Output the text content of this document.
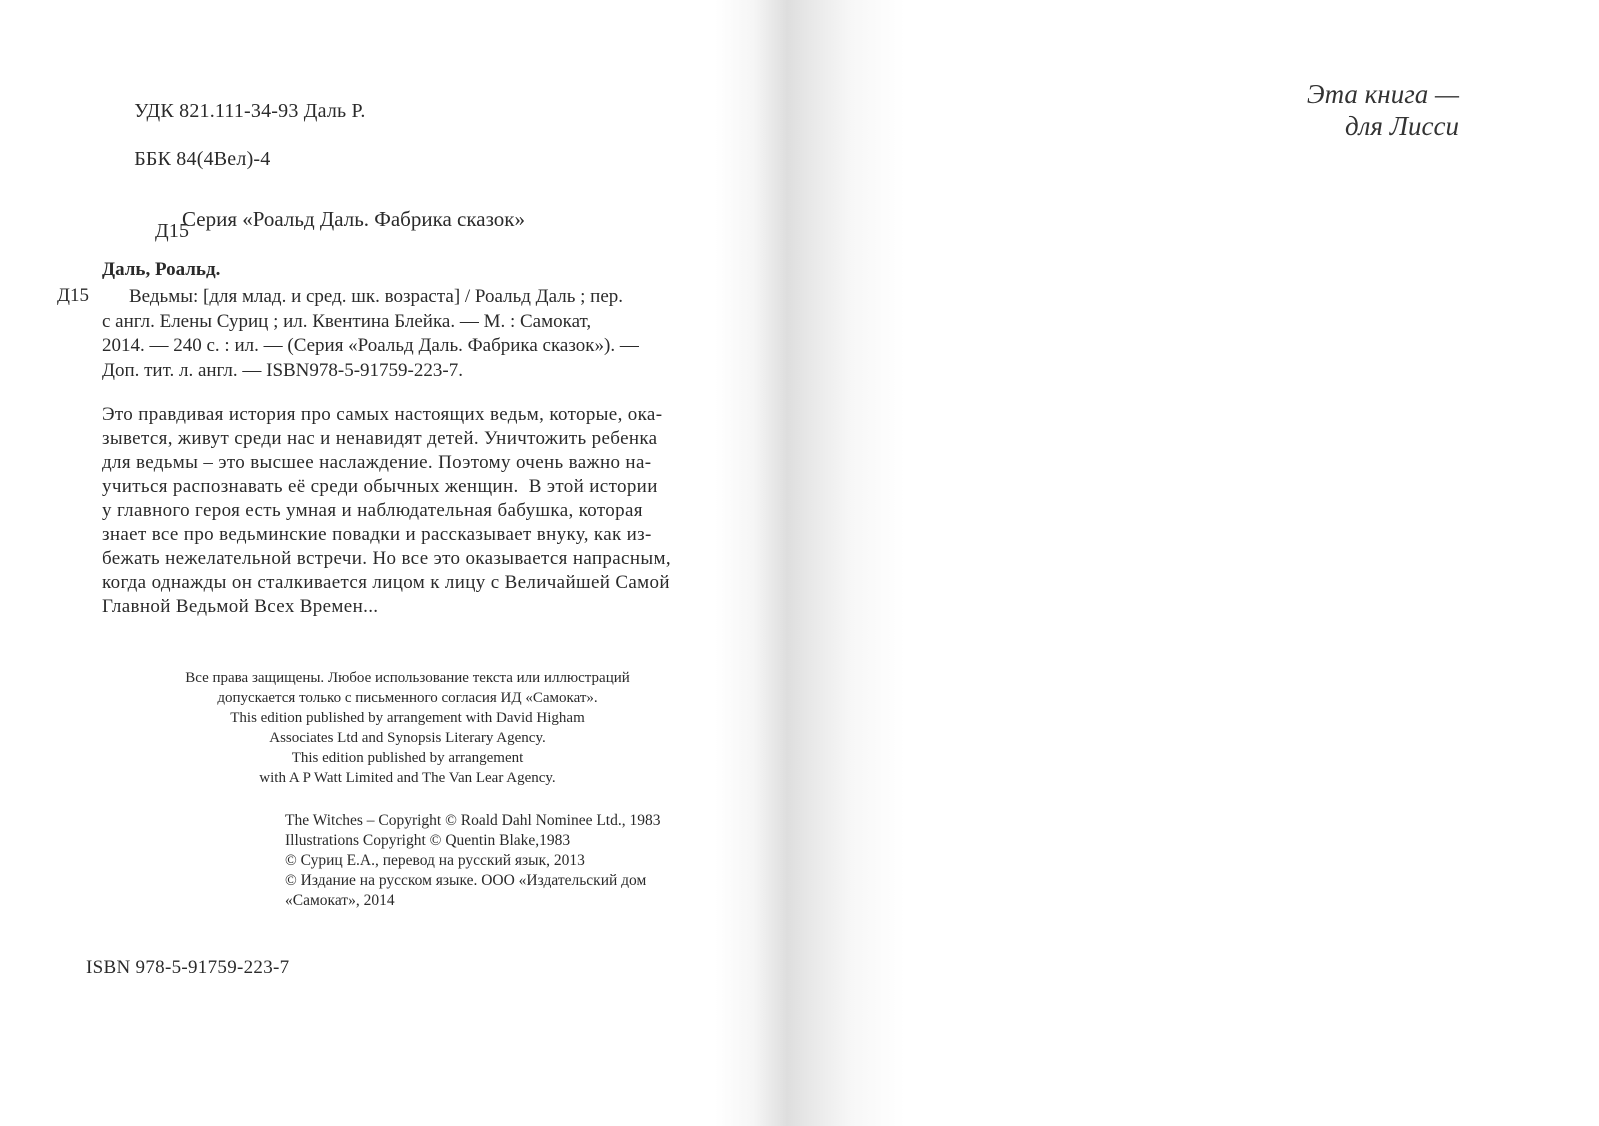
УДК 821.111-34-93 Даль Р.

ББК 84(4Вел)-4

Д15

Серия «Роальд Даль. Фабрика сказок»
Даль, Роальд.
Д15	Ведьмы: [для млад. и сред. шк. возраста] / Роальд Даль ; пер.
с англ. Елены Суриц ; ил. Квентина Блейка. — М. : Самокат,
2014. — 240 с. : ил. — (Серия «Роальд Даль. Фабрика сказок»). —
Доп. тит. л. англ. — ISBN978-5-91759-223-7.
Это правдивая история про самых настоящих ведьм, которые, ока-
зывется, живут среди нас и ненавидят детей. Уничтожить ребенка
для ведьмы – это высшее наслаждение. Поэтому очень важно на-
учиться распознавать её среди обычных женщин.  В этой истории
у главного героя есть умная и наблюдательная бабушка, которая
знает все про ведьминские повадки и рассказывает внуку, как из-
бежать нежелательной встречи. Но все это оказывается напрасным,
когда однажды он сталкивается лицом к лицу с Величайшей Самой
Главной Ведьмой Всех Времен...
Все права защищены. Любое использование текста или иллюстраций
допускается только с письменного согласия ИД «Самокат».
This edition published by arrangement with David Higham
Associates Ltd and Synopsis Literary Agency.
This edition published by arrangement
with A P Watt Limited and The Van Lear Agency.
The Witches – Copyright © Roald Dahl Nominee Ltd., 1983
Illustrations Copyright © Quentin Blake,1983
© Суриц Е.А., перевод на русский язык, 2013
© Издание на русском языке. ООО «Издательский дом
«Самокат», 2014
ISBN 978-5-91759-223-7
Эта книга —
для Лисси
